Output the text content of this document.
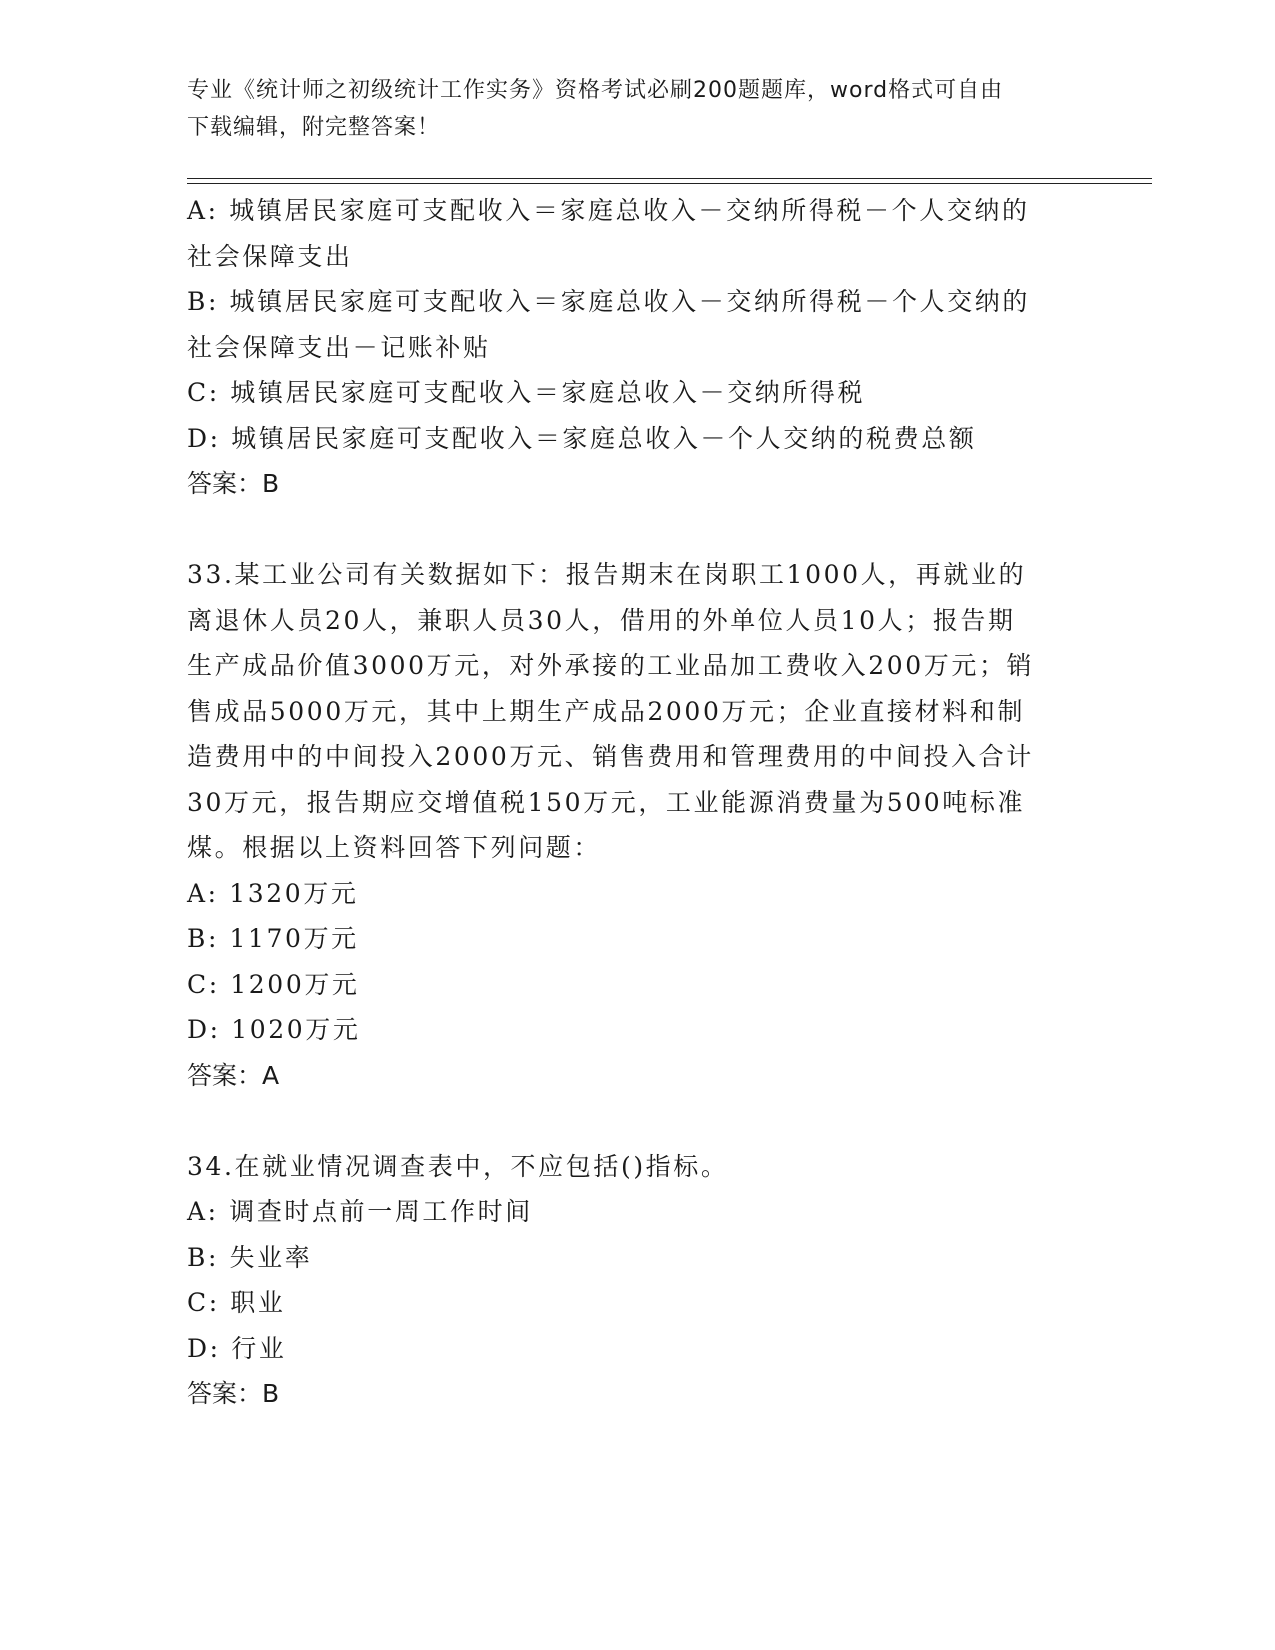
专业《统计师之初级统计工作实务》资格考试必刷200题题库，word格式可自由
下载编辑，附完整答案！

A: 城镇居民家庭可支配收入＝家庭总收入－交纳所得税－个人交纳的

社会保障支出

B: 城镇居民家庭可支配收入＝家庭总收入－交纳所得税－个人交纳的

社会保障支出－记账补贴

C: 城镇居民家庭可支配收入＝家庭总收入－交纳所得税

D: 城镇居民家庭可支配收入＝家庭总收入－个人交纳的税费总额

答案：B

33.某工业公司有关数据如下：报告期末在岗职工1000人，再就业的

离退休人员20人，兼职人员30人，借用的外单位人员10人；报告期

生产成品价值3000万元，对外承接的工业品加工费收入200万元；销

售成品5000万元，其中上期生产成品2000万元；企业直接材料和制

造费用中的中间投入2000万元、销售费用和管理费用的中间投入合计

30万元，报告期应交增值税150万元，工业能源消费量为500吨标准

煤。根据以上资料回答下列问题：

A: 1320万元

B: 1170万元

C: 1200万元

D: 1020万元

答案：A

34.在就业情况调查表中，不应包括()指标。

A: 调查时点前一周工作时间

B: 失业率

C: 职业

D: 行业

答案：B
